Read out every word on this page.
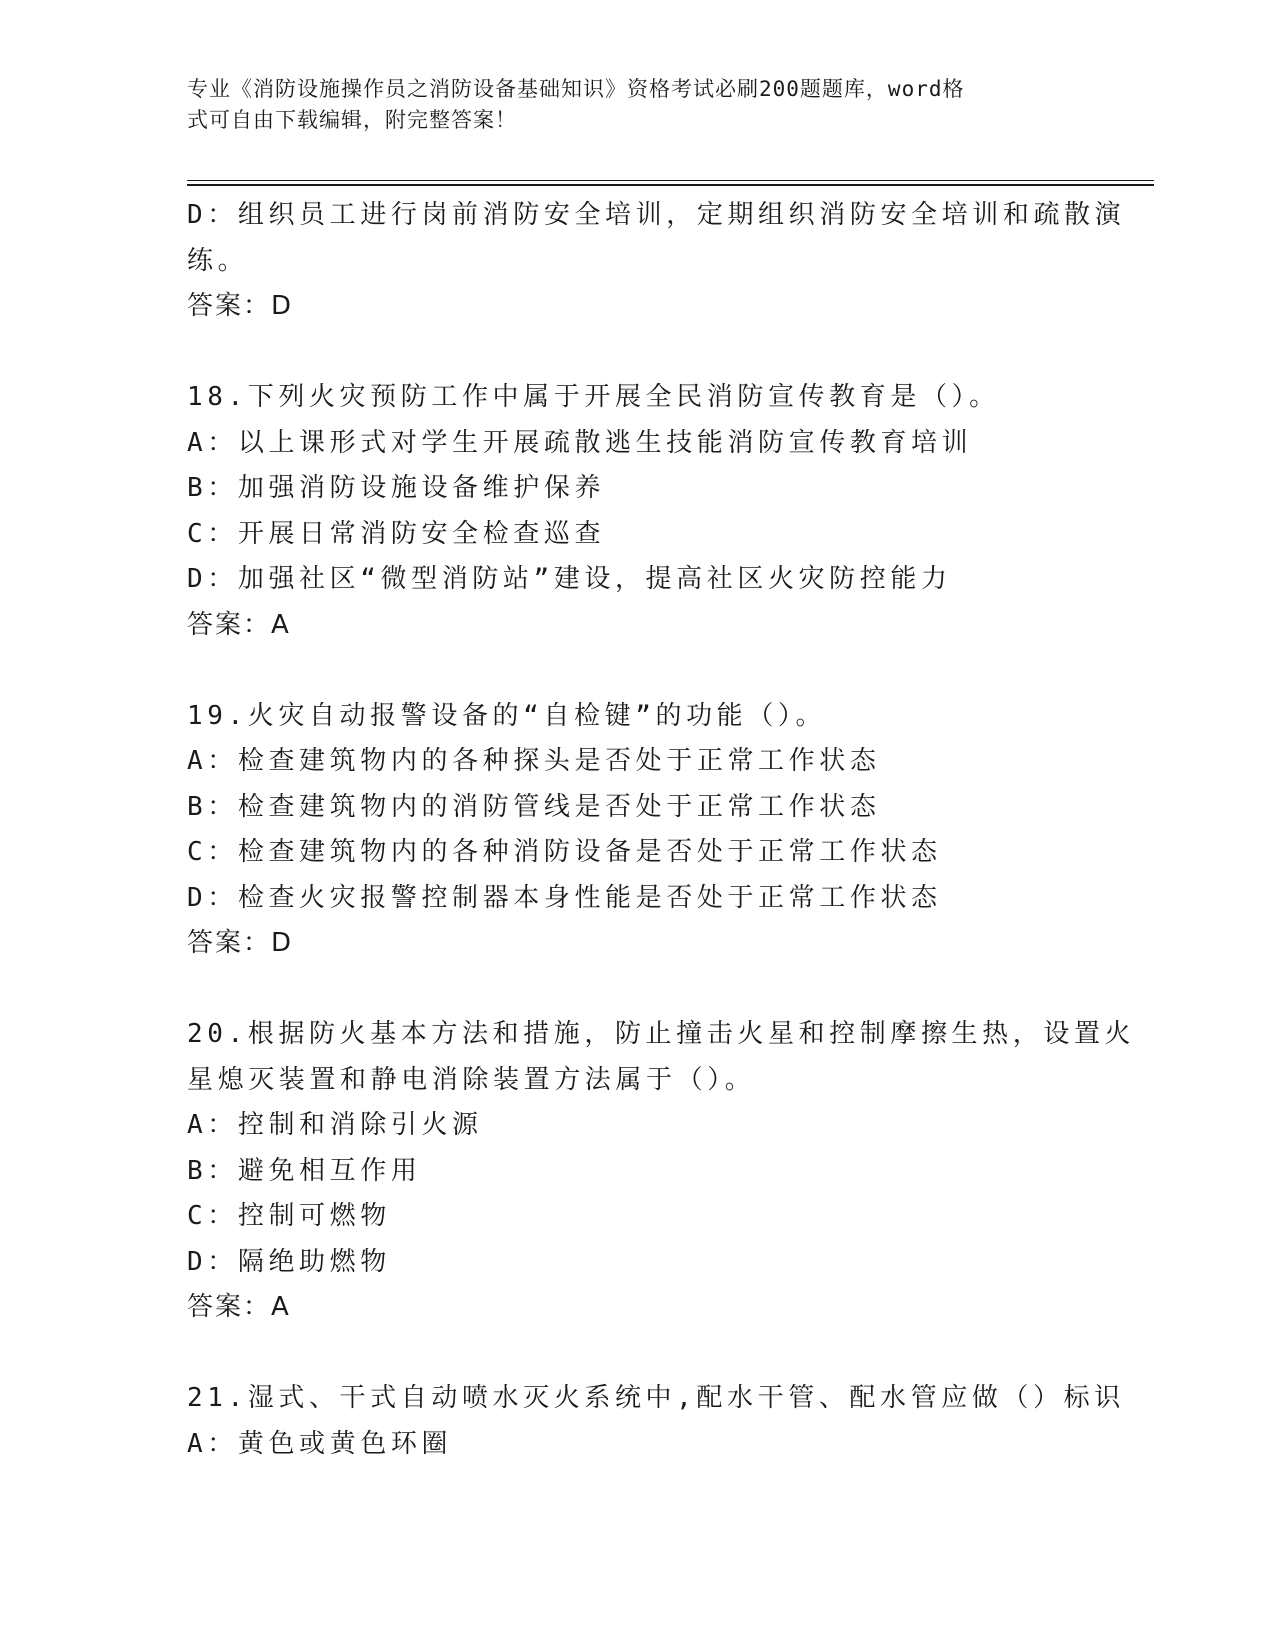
专业《消防设施操作员之消防设备基础知识》资格考试必刷200题题库，word格
式可自由下载编辑，附完整答案！
D：组织员工进行岗前消防安全培训，定期组织消防安全培训和疏散演
练。
答案：D
18.下列火灾预防工作中属于开展全民消防宣传教育是（）。
A：以上课形式对学生开展疏散逃生技能消防宣传教育培训
B：加强消防设施设备维护保养
C：开展日常消防安全检查巡查
D：加强社区“微型消防站”建设，提高社区火灾防控能力
答案：A
19.火灾自动报警设备的“自检键”的功能（）。
A：检查建筑物内的各种探头是否处于正常工作状态
B：检查建筑物内的消防管线是否处于正常工作状态
C：检查建筑物内的各种消防设备是否处于正常工作状态
D：检查火灾报警控制器本身性能是否处于正常工作状态
答案：D
20.根据防火基本方法和措施，防止撞击火星和控制摩擦生热，设置火
星熄灭装置和静电消除装置方法属于（）。
A：控制和消除引火源
B：避免相互作用
C：控制可燃物
D：隔绝助燃物
答案：A
21.湿式、干式自动喷水灭火系统中,配水干管、配水管应做（）标识
A：黄色或黄色环圈
